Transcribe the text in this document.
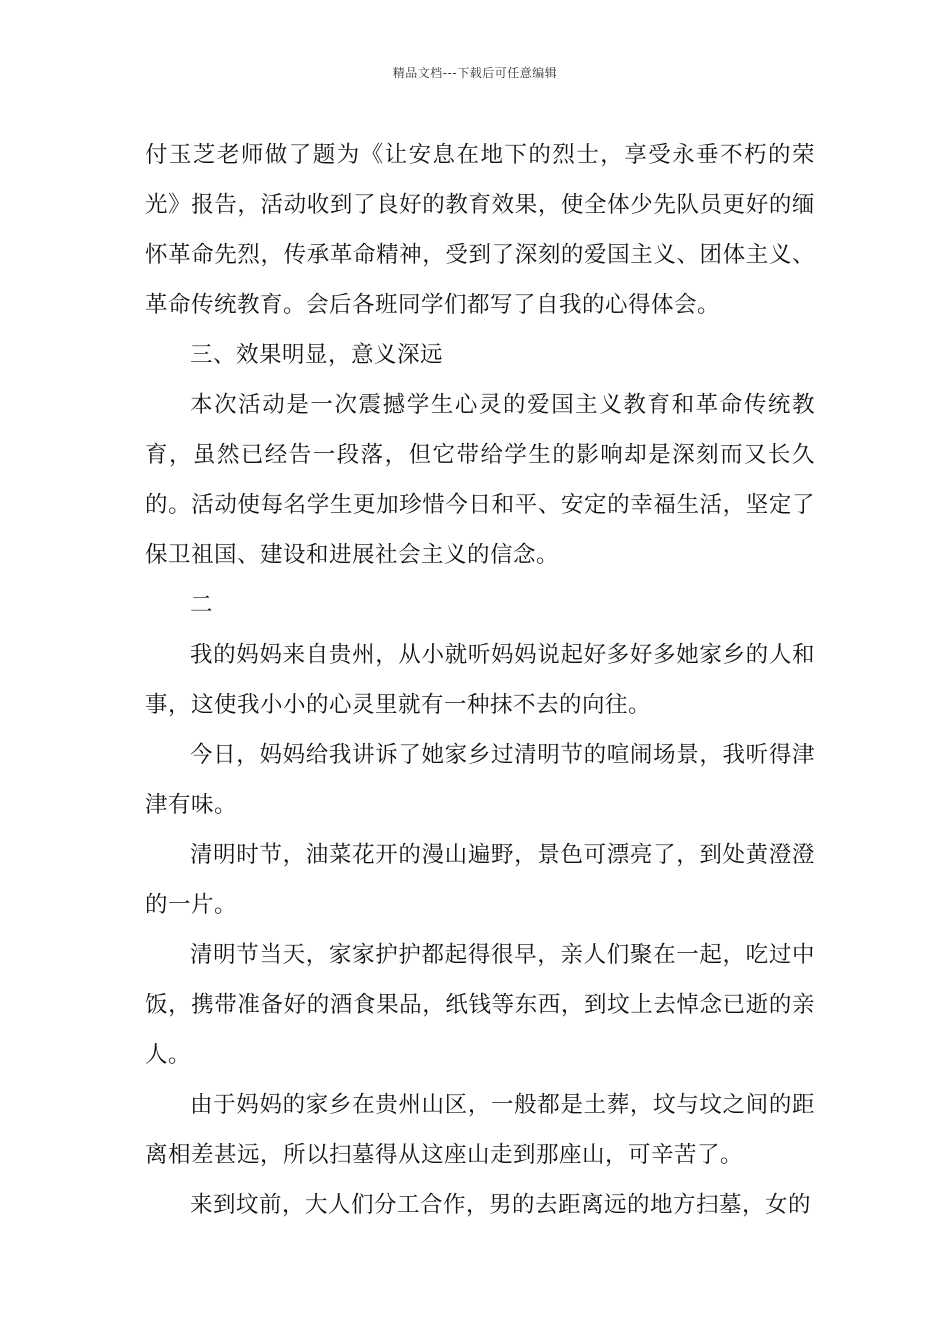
精品文档---下载后可任意编辑

付玉芝老师做了题为《让安息在地下的烈士，享受永垂不朽的荣光》报告，活动收到了良好的教育效果，使全体少先队员更好的缅怀革命先烈，传承革命精神，受到了深刻的爱国主义、团体主义、革命传统教育。会后各班同学们都写了自我的心得体会。

三、效果明显，意义深远

本次活动是一次震撼学生心灵的爱国主义教育和革命传统教育，虽然已经告一段落，但它带给学生的影响却是深刻而又长久的。活动使每名学生更加珍惜今日和平、安定的幸福生活，坚定了保卫祖国、建设和进展社会主义的信念。

二

我的妈妈来自贵州，从小就听妈妈说起好多好多她家乡的人和事，这使我小小的心灵里就有一种抹不去的向往。

今日，妈妈给我讲诉了她家乡过清明节的喧闹场景，我听得津津有味。

清明时节，油菜花开的漫山遍野，景色可漂亮了，到处黄澄澄的一片。

清明节当天，家家护护都起得很早，亲人们聚在一起，吃过中饭，携带准备好的酒食果品，纸钱等东西，到坟上去悼念已逝的亲人。

由于妈妈的家乡在贵州山区，一般都是土葬，坟与坟之间的距离相差甚远，所以扫墓得从这座山走到那座山，可辛苦了。

来到坟前，大人们分工合作，男的去距离远的地方扫墓，女的
